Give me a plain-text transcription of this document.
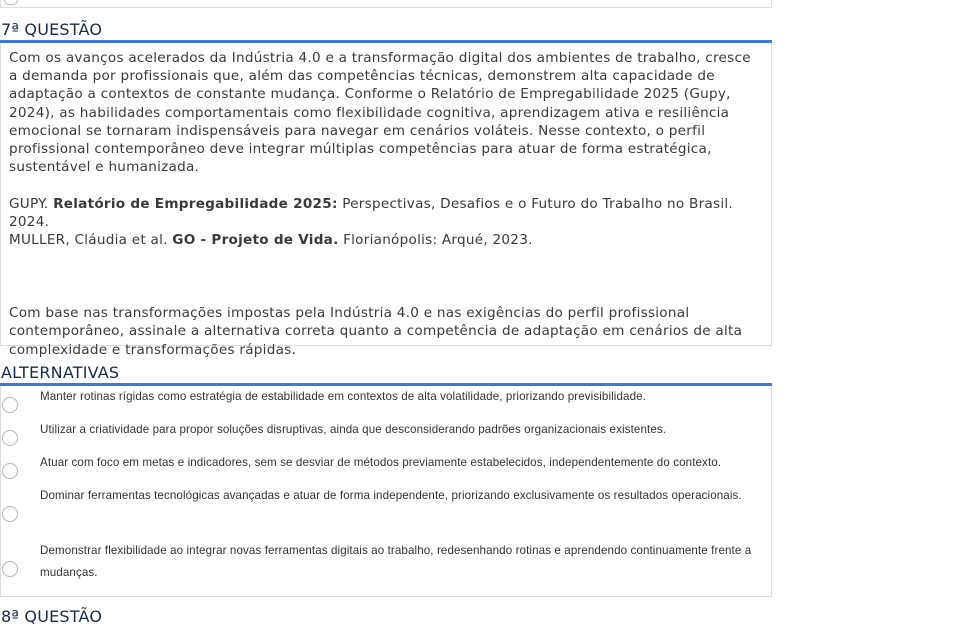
7ª QUESTÃO

Com os avanços acelerados da Indústria 4.0 e a transformação digital dos ambientes de trabalho, cresce a demanda por profissionais que, além das competências técnicas, demonstrem alta capacidade de adaptação a contextos de constante mudança. Conforme o Relatório de Empregabilidade 2025 (Gupy, 2024), as habilidades comportamentais como flexibilidade cognitiva, aprendizagem ativa e resiliência emocional se tornaram indispensáveis para navegar em cenários voláteis. Nesse contexto, o perfil profissional contemporâneo deve integrar múltiplas competências para atuar de forma estratégica, sustentável e humanizada.

GUPY. Relatório de Empregabilidade 2025: Perspectivas, Desafios e o Futuro do Trabalho no Brasil. 2024.

MULLER, Cláudia et al. GO - Projeto de Vida. Florianópolis: Arqué, 2023.

Com base nas transformações impostas pela Indústria 4.0 e nas exigências do perfil profissional contemporâneo, assinale a alternativa correta quanto a competência de adaptação em cenários de alta complexidade e transformações rápidas.

ALTERNATIVAS
Manter rotinas rígidas como estratégia de estabilidade em contextos de alta volatilidade, priorizando previsibilidade.
Utilizar a criatividade para propor soluções disruptivas, ainda que desconsiderando padrões organizacionais existentes.
Atuar com foco em metas e indicadores, sem se desviar de métodos previamente estabelecidos, independentemente do contexto.
Dominar ferramentas tecnológicas avançadas e atuar de forma independente, priorizando exclusivamente os resultados operacionais.
Demonstrar flexibilidade ao integrar novas ferramentas digitais ao trabalho, redesenhando rotinas e aprendendo continuamente frente a mudanças.
8ª QUESTÃO
